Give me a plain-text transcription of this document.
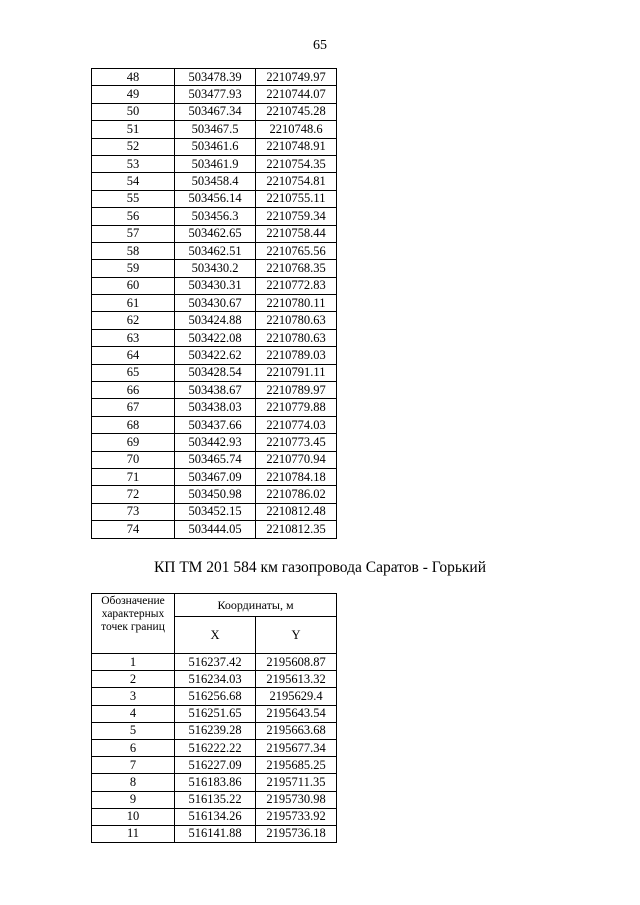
65
48	503478.39	2210749.97
49	503477.93	2210744.07
50	503467.34	2210745.28
51	503467.5	2210748.6
52	503461.6	2210748.91
53	503461.9	2210754.35
54	503458.4	2210754.81
55	503456.14	2210755.11
56	503456.3	2210759.34
57	503462.65	2210758.44
58	503462.51	2210765.56
59	503430.2	2210768.35
60	503430.31	2210772.83
61	503430.67	2210780.11
62	503424.88	2210780.63
63	503422.08	2210780.63
64	503422.62	2210789.03
65	503428.54	2210791.11
66	503438.67	2210789.97
67	503438.03	2210779.88
68	503437.66	2210774.03
69	503442.93	2210773.45
70	503465.74	2210770.94
71	503467.09	2210784.18
72	503450.98	2210786.02
73	503452.15	2210812.48
74	503444.05	2210812.35
КП ТМ 201 584 км газопровода Саратов - Горький
Обозначение характерных точек границ	Координаты, м	
	X	Y
1	516237.42	2195608.87
2	516234.03	2195613.32
3	516256.68	2195629.4
4	516251.65	2195643.54
5	516239.28	2195663.68
6	516222.22	2195677.34
7	516227.09	2195685.25
8	516183.86	2195711.35
9	516135.22	2195730.98
10	516134.26	2195733.92
11	516141.88	2195736.18
